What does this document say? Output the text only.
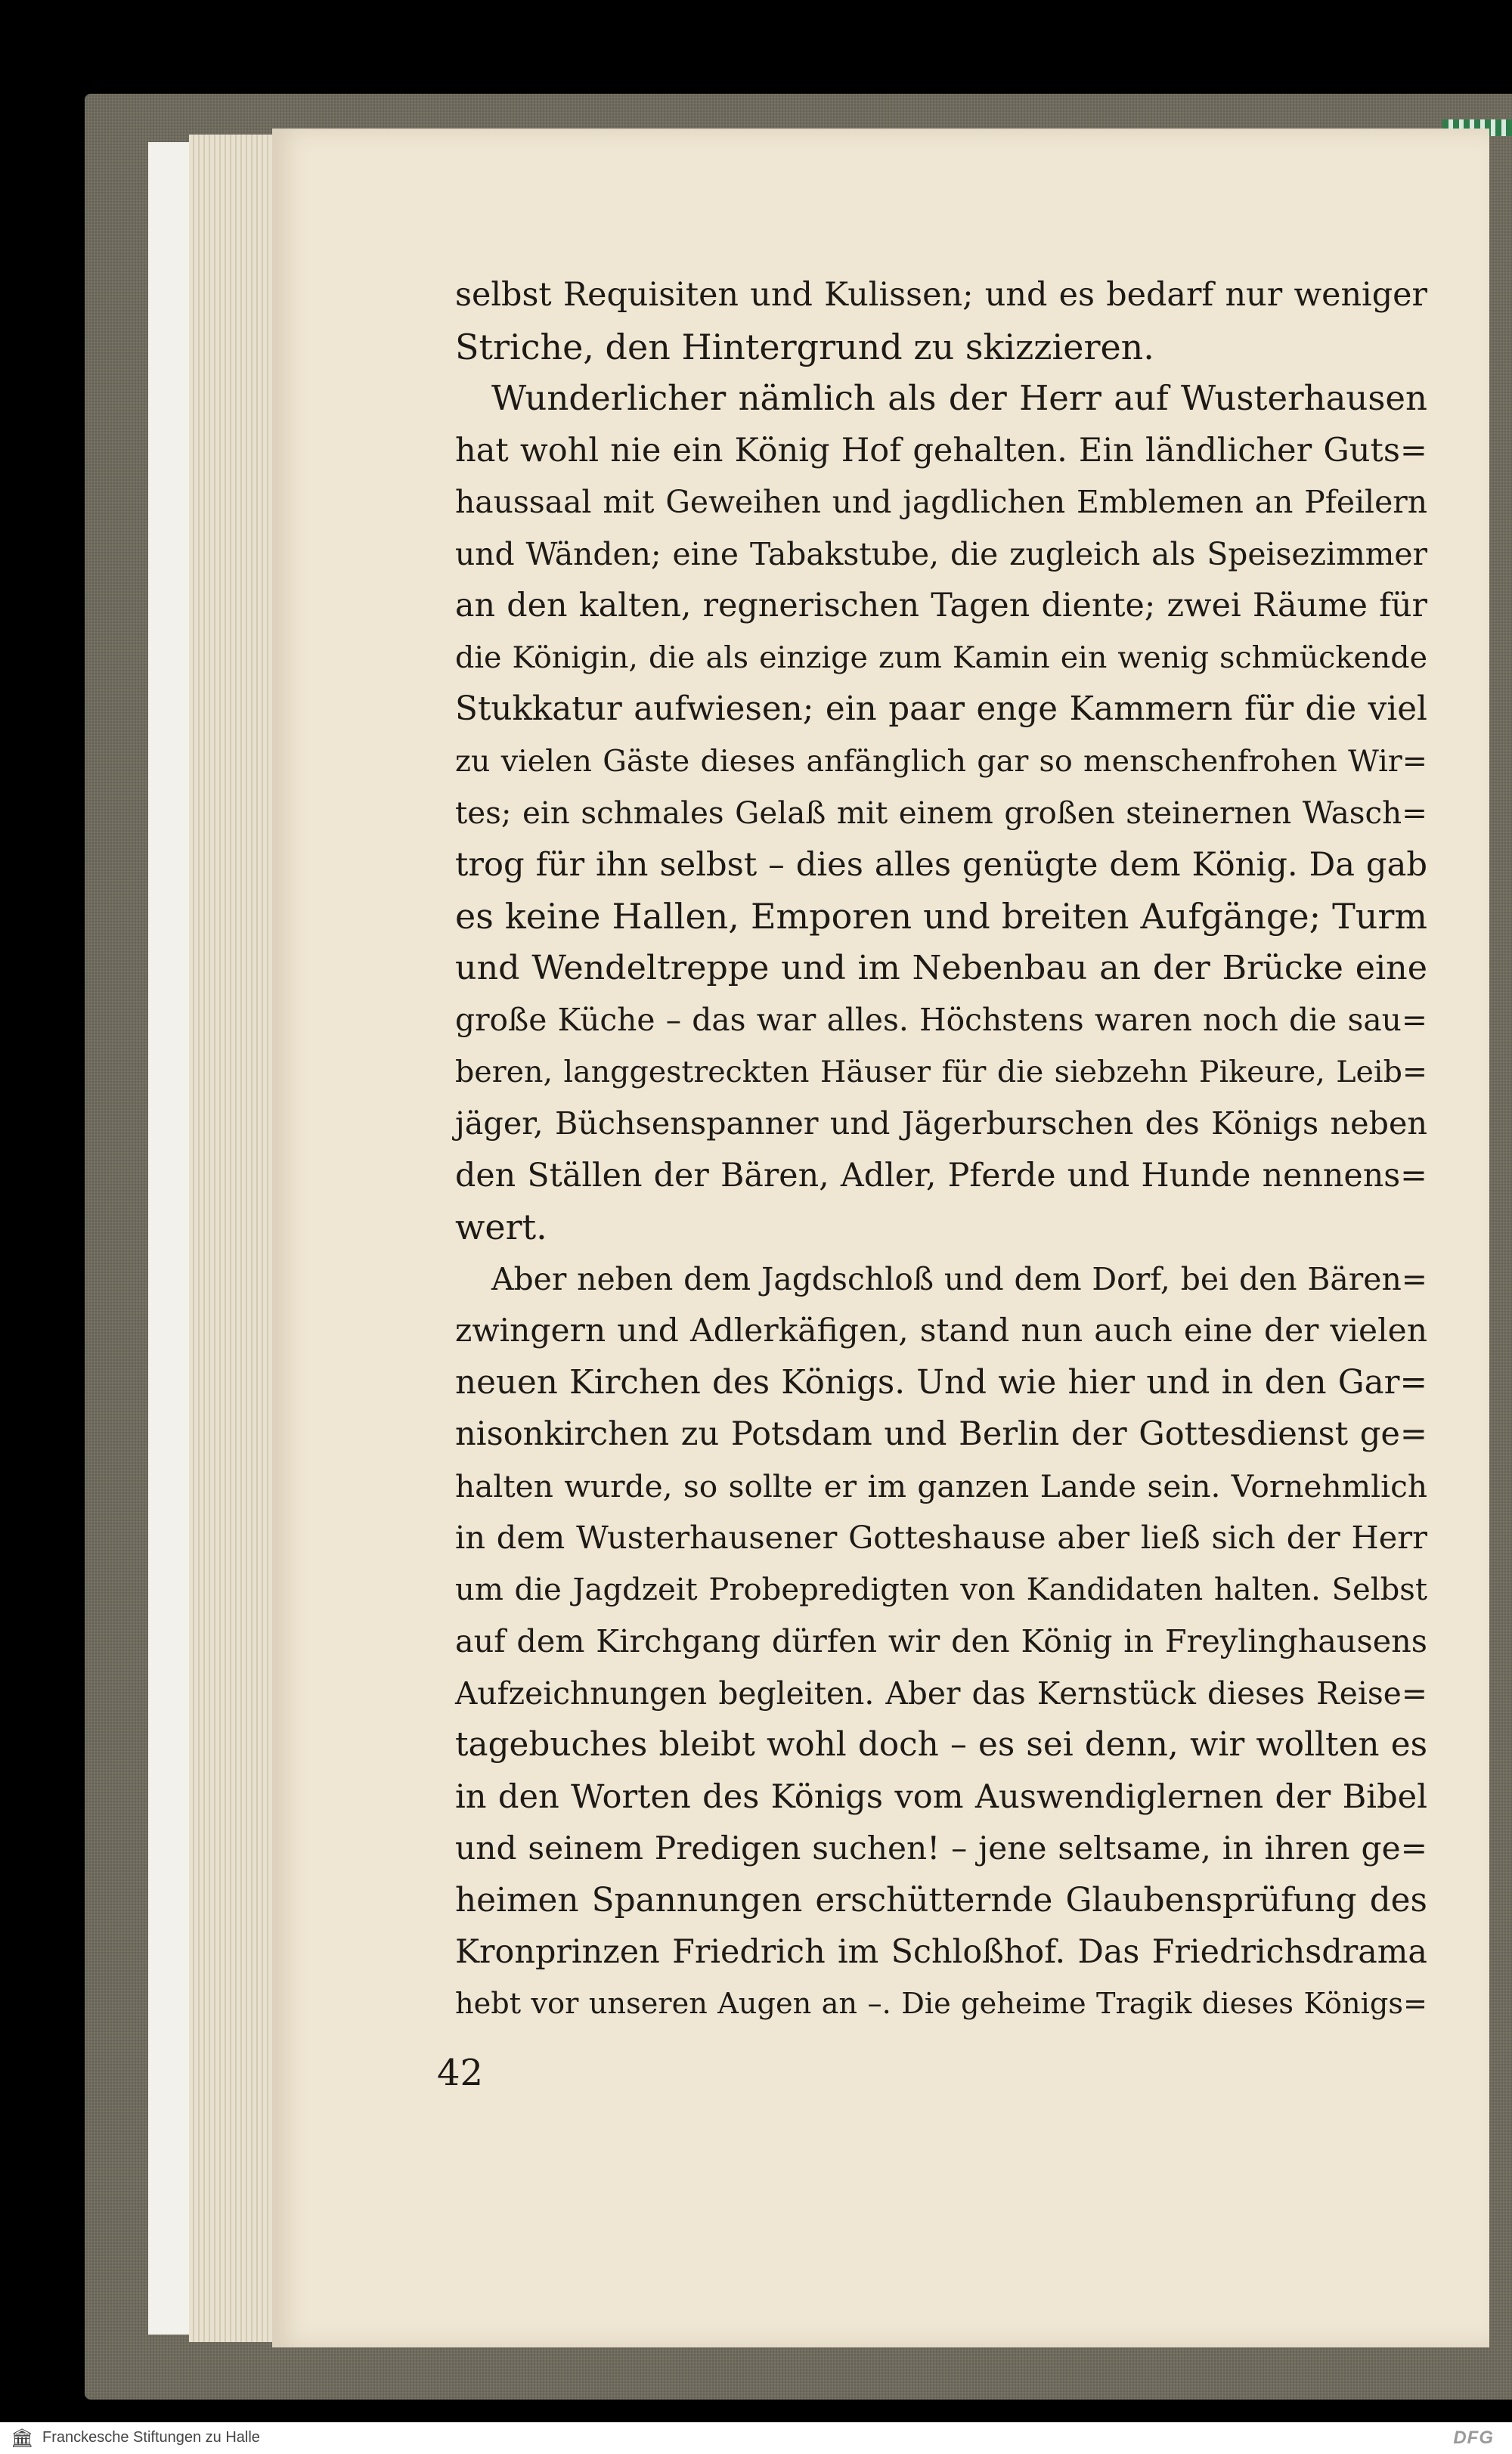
selbst Requisiten und Kulissen; und es bedarf nur weniger
Striche, den Hintergrund zu skizzieren.
Wunderlicher nämlich als der Herr auf Wusterhausen
hat wohl nie ein König Hof gehalten. Ein ländlicher Guts=
haussaal mit Geweihen und jagdlichen Emblemen an Pfeilern
und Wänden; eine Tabakstube, die zugleich als Speisezimmer
an den kalten, regnerischen Tagen diente; zwei Räume für
die Königin, die als einzige zum Kamin ein wenig schmückende
Stukkatur aufwiesen; ein paar enge Kammern für die viel
zu vielen Gäste dieses anfänglich gar so menschenfrohen Wir=
tes; ein schmales Gelaß mit einem großen steinernen Wasch=
trog für ihn selbst – dies alles genügte dem König. Da gab
es keine Hallen, Emporen und breiten Aufgänge; Turm
und Wendeltreppe und im Nebenbau an der Brücke eine
große Küche – das war alles. Höchstens waren noch die sau=
beren, langgestreckten Häuser für die siebzehn Pikeure, Leib=
jäger, Büchsenspanner und Jägerburschen des Königs neben
den Ställen der Bären, Adler, Pferde und Hunde nennens=
wert.
Aber neben dem Jagdschloß und dem Dorf, bei den Bären=
zwingern und Adlerkäfigen, stand nun auch eine der vielen
neuen Kirchen des Königs. Und wie hier und in den Gar=
nisonkirchen zu Potsdam und Berlin der Gottesdienst ge=
halten wurde, so sollte er im ganzen Lande sein. Vornehmlich
in dem Wusterhausener Gotteshause aber ließ sich der Herr
um die Jagdzeit Probepredigten von Kandidaten halten. Selbst
auf dem Kirchgang dürfen wir den König in Freylinghausens
Aufzeichnungen begleiten. Aber das Kernstück dieses Reise=
tagebuches bleibt wohl doch – es sei denn, wir wollten es
in den Worten des Königs vom Auswendiglernen der Bibel
und seinem Predigen suchen! – jene seltsame, in ihren ge=
heimen Spannungen erschütternde Glaubensprüfung des
Kronprinzen Friedrich im Schloßhof. Das Friedrichsdrama
hebt vor unseren Augen an –. Die geheime Tragik dieses Königs=
42
🏛 Franckesche Stiftungen zu Halle	DFG
